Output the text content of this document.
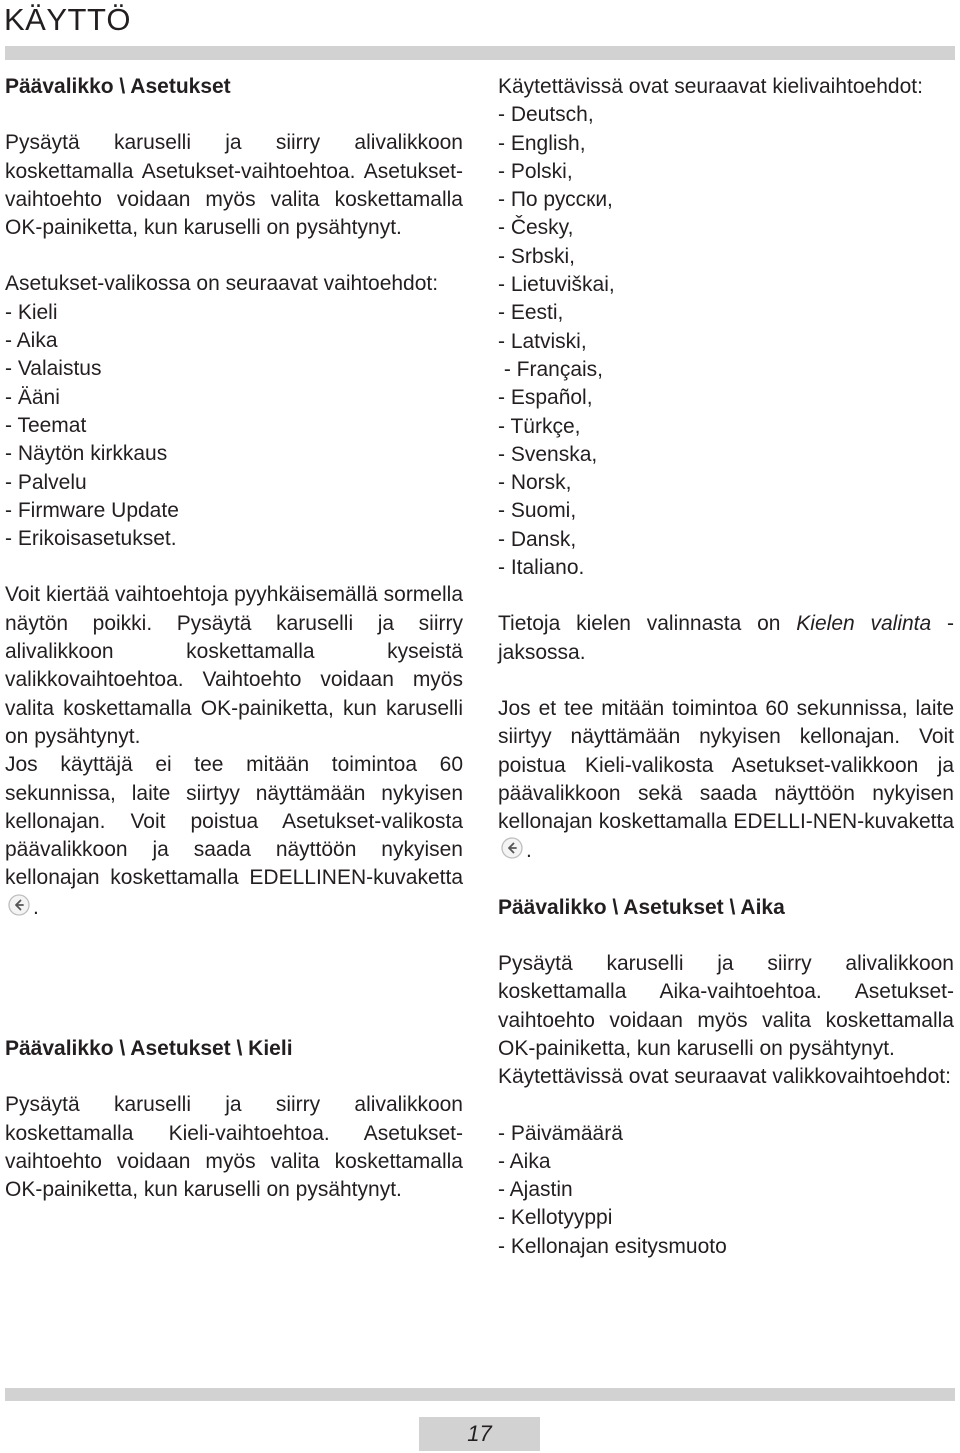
KÄYTTÖ
Päävalikko \ Asetukset

Pysäytä karuselli ja siirry alivalikkoon koskettamalla Asetukset-vaihtoehtoa. Asetukset-vaihtoehto voidaan myös valita koskettamalla OK-painiketta, kun karuselli on pysähtynyt.

Asetukset-valikossa on seuraavat vaihtoehdot:

- Kieli
- Aika
- Valaistus
- Ääni
- Teemat
- Näytön kirkkaus
- Palvelu
- Firmware Update
- Erikoisasetukset.

Voit kiertää vaihtoehtoja pyyhkäisemällä sormella näytön poikki. Pysäytä karuselli ja siirry alivalikkoon koskettamalla kyseistä valikkovaihtoehtoa. Vaihtoehto voidaan myös valita koskettamalla OK-painiketta, kun karuselli on pysähtynyt.

Jos käyttäjä ei tee mitään toimintoa 60 sekunnissa, laite siirtyy näyttämään nykyisen kellonajan. Voit poistua Asetukset-valikosta päävalikkoon ja saada näyttöön nykyisen kellonajan koskettamalla EDELLINEN-kuvaketta
.

Päävalikko \ Asetukset \ Kieli

Pysäytä karuselli ja siirry alivalikkoon koskettamalla Kieli-vaihtoehtoa. Asetukset-vaihtoehto voidaan myös valita koskettamalla OK-painiketta, kun karuselli on pysähtynyt.

Käytettävissä ovat seuraavat kielivaihtoehdot:

- Deutsch,
- English,
- Polski,
- По русски,
- Česky,
- Srbski,
- Lietuviškai,
- Eesti,
- Latviski,
- Français,
- Español,
- Türkçe,
- Svenska,
- Norsk,
- Suomi,
- Dansk,
- Italiano.

Tietoja kielen valinnasta on Kielen valinta -jaksossa.

Jos et tee mitään toimintoa 60 sekunnissa, laite siirtyy näyttämään nykyisen kellonajan. Voit poistua Kieli-valikosta Asetukset-valikkoon ja päävalikkoon sekä saada näyttöön nykyisen kellonajan koskettamalla EDELLI-NEN-kuvaketta
.

Päävalikko \ Asetukset \ Aika

Pysäytä karuselli ja siirry alivalikkoon koskettamalla Aika-vaihtoehtoa. Asetukset-vaihtoehto voidaan myös valita koskettamalla OK-painiketta, kun karuselli on pysähtynyt.

Käytettävissä ovat seuraavat valikkovaihtoehdot:

- Päivämäärä
- Aika
- Ajastin
- Kellotyyppi
- Kellonajan esitysmuoto
17
